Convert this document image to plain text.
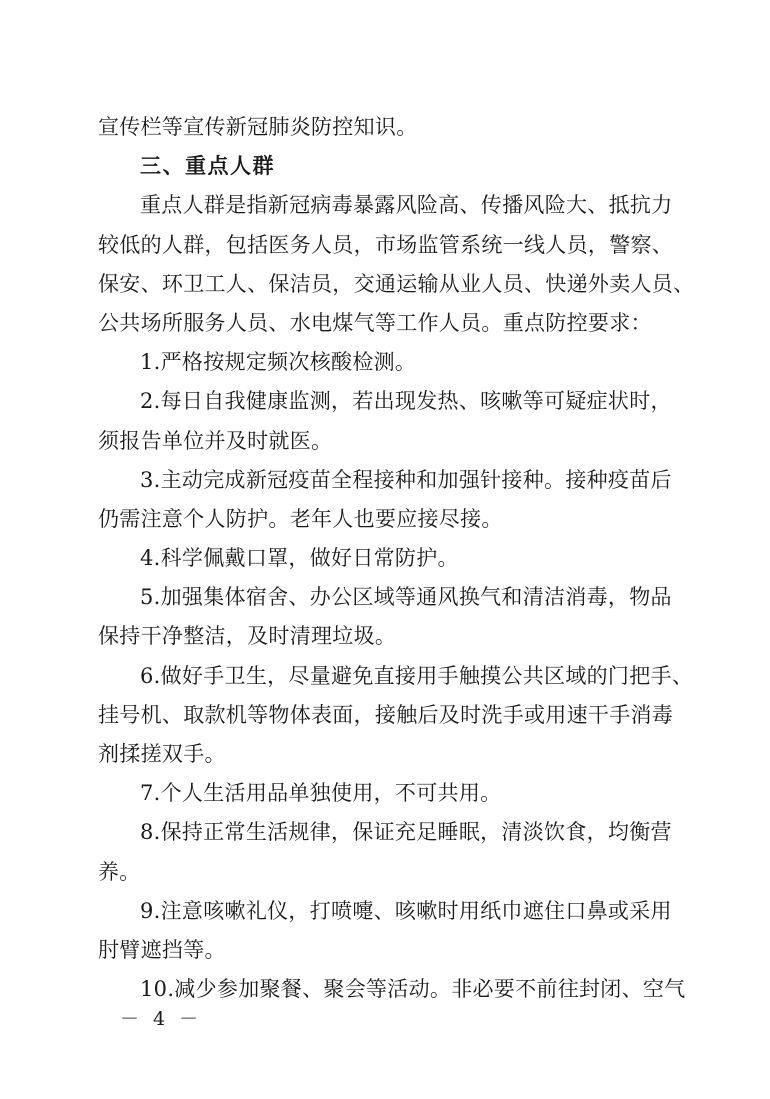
宣传栏等宣传新冠肺炎防控知识。
三、重点人群
重点人群是指新冠病毒暴露风险高、传播风险大、抵抗力
较低的人群，包括医务人员，市场监管系统一线人员，警察、
保安、环卫工人、保洁员，交通运输从业人员、快递外卖人员、
公共场所服务人员、水电煤气等工作人员。重点防控要求：
1.严格按规定频次核酸检测。
2.每日自我健康监测，若出现发热、咳嗽等可疑症状时，
须报告单位并及时就医。
3.主动完成新冠疫苗全程接种和加强针接种。接种疫苗后
仍需注意个人防护。老年人也要应接尽接。
4.科学佩戴口罩，做好日常防护。
5.加强集体宿舍、办公区域等通风换气和清洁消毒，物品
保持干净整洁，及时清理垃圾。
6.做好手卫生，尽量避免直接用手触摸公共区域的门把手、
挂号机、取款机等物体表面，接触后及时洗手或用速干手消毒
剂揉搓双手。
7.个人生活用品单独使用，不可共用。
8.保持正常生活规律，保证充足睡眠，清淡饮食，均衡营
养。
9.注意咳嗽礼仪，打喷嚏、咳嗽时用纸巾遮住口鼻或采用
肘臂遮挡等。
10.减少参加聚餐、聚会等活动。非必要不前往封闭、空气
－ 4 －
